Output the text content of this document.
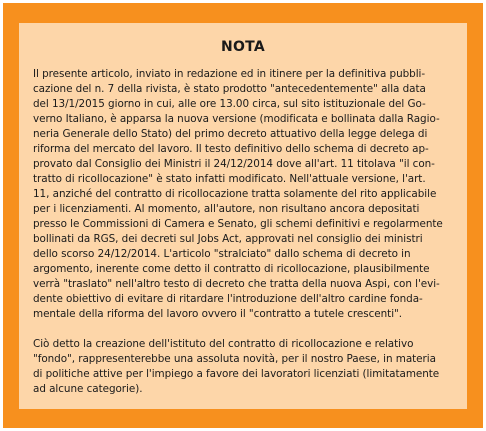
NOTA

Il presente articolo, inviato in redazione ed in itinere per la definitiva pubbli-
cazione del n. 7 della rivista, è stato prodotto "antecedentemente" alla data
del 13/1/2015 giorno in cui, alle ore 13.00 circa, sul sito istituzionale del Go-
verno Italiano, è apparsa la nuova versione (modificata e bollinata dalla Ragio-
neria Generale dello Stato) del primo decreto attuativo della legge delega di
riforma del mercato del lavoro. Il testo definitivo dello schema di decreto ap-
provato dal Consiglio dei Ministri il 24/12/2014 dove all'art. 11 titolava "il con-
tratto di ricollocazione" è stato infatti modificato. Nell'attuale versione, l'art.
11, anziché del contratto di ricollocazione tratta solamente del rito applicabile
per i licenziamenti. Al momento, all'autore, non risultano ancora depositati
presso le Commissioni di Camera e Senato, gli schemi definitivi e regolarmente
bollinati da RGS, dei decreti sul Jobs Act, approvati nel consiglio dei ministri
dello scorso 24/12/2014. L'articolo "stralciato" dallo schema di decreto in
argomento, inerente come detto il contratto di ricollocazione, plausibilmente
verrà "traslato" nell'altro testo di decreto che tratta della nuova Aspi, con l'evi-
dente obiettivo di evitare di ritardare l'introduzione dell'altro cardine fonda-
mentale della riforma del lavoro ovvero il "contratto a tutele crescenti".

Ciò detto la creazione dell'istituto del contratto di ricollocazione e relativo
"fondo", rappresenterebbe una assoluta novità, per il nostro Paese, in materia
di politiche attive per l'impiego a favore dei lavoratori licenziati (limitatamente
ad alcune categorie).
